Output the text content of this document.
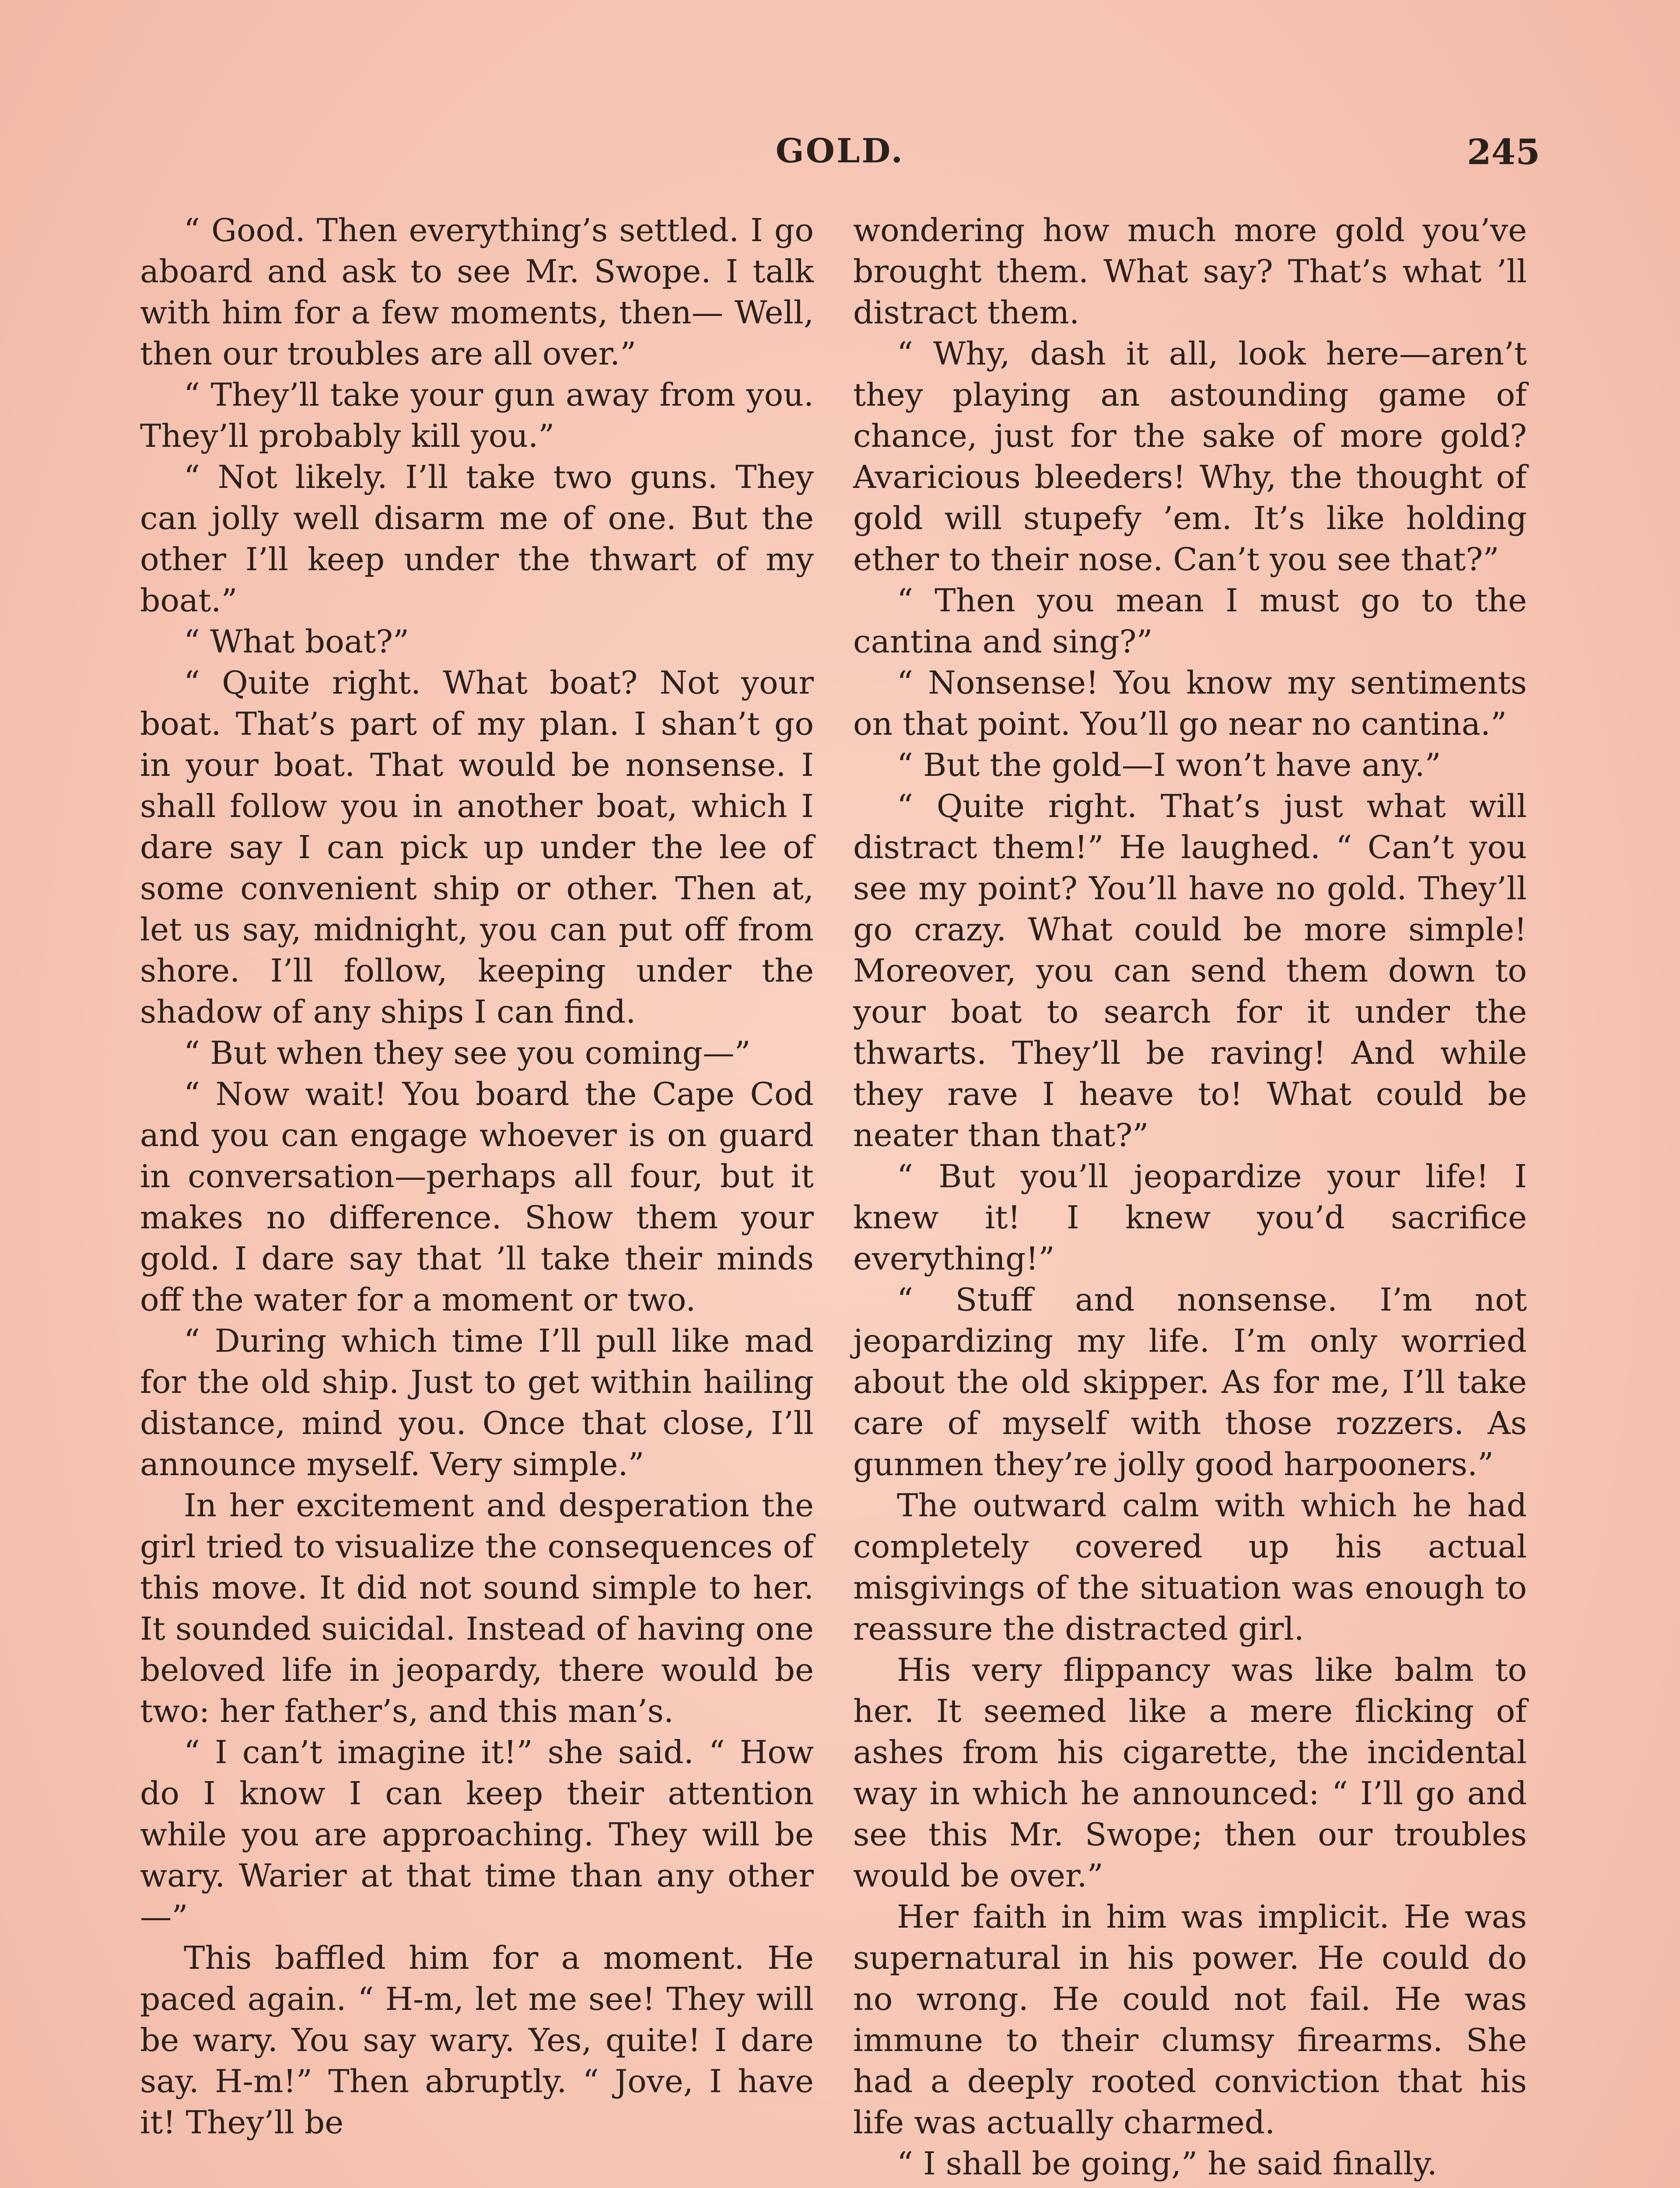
GOLD.	245

“ Good. Then everything’s settled. I go aboard and ask to see Mr. Swope. I talk with him for a few moments, then— Well, then our troubles are all over.”

“ They’ll take your gun away from you. They’ll probably kill you.”

“ Not likely. I’ll take two guns. They can jolly well disarm me of one. But the other I’ll keep under the thwart of my boat.”

“ What boat?”

“ Quite right. What boat? Not your boat. That’s part of my plan. I shan’t go in your boat. That would be nonsense. I shall follow you in another boat, which I dare say I can pick up under the lee of some convenient ship or other. Then at, let us say, midnight, you can put off from shore. I’ll follow, keeping under the shadow of any ships I can find.

“ But when they see you coming—”

“ Now wait! You board the Cape Cod and you can engage whoever is on guard in conversation—perhaps all four, but it makes no difference. Show them your gold. I dare say that ’ll take their minds off the water for a moment or two.

“ During which time I’ll pull like mad for the old ship. Just to get within hailing distance, mind you. Once that close, I’ll announce myself. Very simple.”

In her excitement and desperation the girl tried to visualize the consequences of this move. It did not sound simple to her. It sounded suicidal. Instead of having one beloved life in jeopardy, there would be two: her father’s, and this man’s.

“ I can’t imagine it!” she said. “ How do I know I can keep their attention while you are approaching. They will be wary. Warier at that time than any other—”

This baffled him for a moment. He paced again. “ H-m, let me see! They will be wary. You say wary. Yes, quite! I dare say. H-m!” Then abruptly. “ Jove, I have it! They’ll be

wondering how much more gold you’ve brought them. What say? That’s what ’ll distract them.

“ Why, dash it all, look here—aren’t they playing an astounding game of chance, just for the sake of more gold? Avaricious bleeders! Why, the thought of gold will stupefy ’em. It’s like holding ether to their nose. Can’t you see that?”

“ Then you mean I must go to the cantina and sing?”

“ Nonsense! You know my sentiments on that point. You’ll go near no cantina.”

“ But the gold—I won’t have any.”

“ Quite right. That’s just what will distract them!” He laughed. “ Can’t you see my point? You’ll have no gold. They’ll go crazy. What could be more simple! Moreover, you can send them down to your boat to search for it under the thwarts. They’ll be raving! And while they rave I heave to! What could be neater than that?”

“ But you’ll jeopardize your life! I knew it! I knew you’d sacrifice everything!”

“ Stuff and nonsense. I’m not jeopardizing my life. I’m only worried about the old skipper. As for me, I’ll take care of myself with those rozzers. As gunmen they’re jolly good harpooners.”

The outward calm with which he had completely covered up his actual misgivings of the situation was enough to reassure the distracted girl.

His very flippancy was like balm to her. It seemed like a mere flicking of ashes from his cigarette, the incidental way in which he announced: “ I’ll go and see this Mr. Swope; then our troubles would be over.”

Her faith in him was implicit. He was supernatural in his power. He could do no wrong. He could not fail. He was immune to their clumsy firearms. She had a deeply rooted conviction that his life was actually charmed.

“ I shall be going,” he said finally.
